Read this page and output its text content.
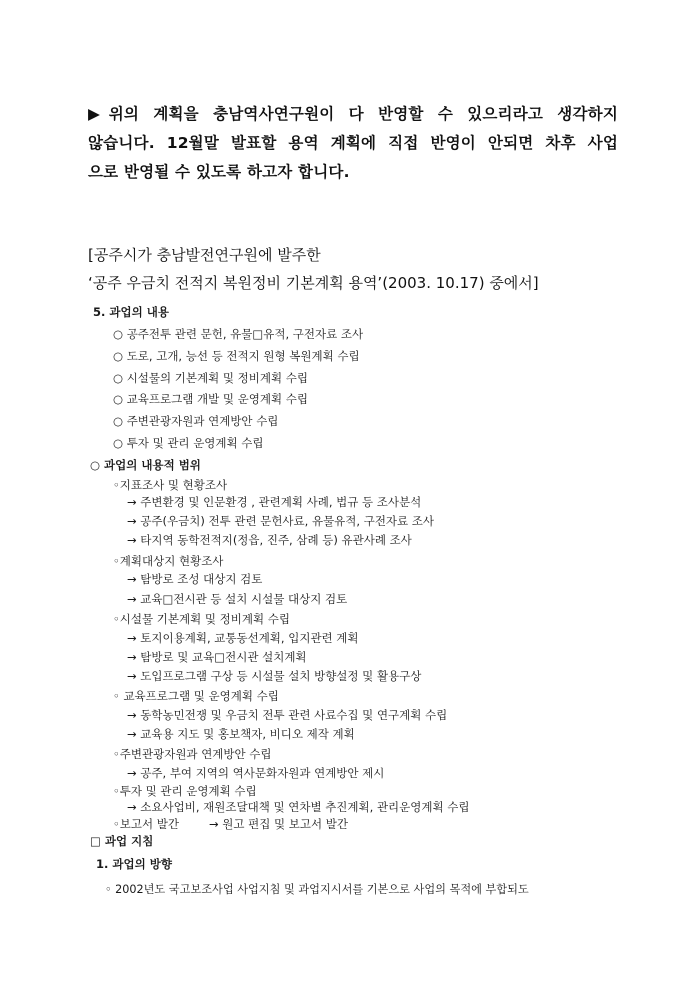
▶위의 계획을 충남역사연구원이 다 반영할 수 있으리라고 생각하지
않습니다. 12월말 발표할 용역 계획에 직접 반영이 안되면 차후 사업
으로 반영될 수 있도록 하고자 합니다.
[공주시가 충남발전연구원에 발주한
‘공주 우금치 전적지 복원정비 기본계획 용역’(2003. 10.17) 중에서]
5. 과업의 내용
○ 공주전투 관련 문헌, 유물□유적, 구전자료 조사
○ 도로, 고개, 능선 등 전적지 원형 복원계획 수립
○ 시설물의 기본계획 및 정비계획 수립
○ 교육프로그램 개발 및 운영계획 수립
○ 주변관광자원과 연계방안 수립
○ 투자 및 관리 운영계획 수립
○ 과업의 내용적 범위
◦지표조사 및 현황조사
→ 주변환경 및 인문환경 , 관련계획 사례, 법규 등 조사분석
→ 공주(우금치) 전투 관련 문헌사료, 유물유적, 구전자료 조사
→ 타지역 동학전적지(정읍, 진주, 삼례 등) 유관사례 조사
◦계획대상지 현황조사
→ 탐방로 조성 대상지 검토
→ 교육□전시관 등 설치 시설물 대상지 검토
◦시설물 기본계획 및 정비계획 수립
→ 토지이용계획, 교통동선계획, 입지관련 계획
→ 탐방로 및 교육□전시관 설치계획
→ 도입프로그램 구상 등 시설물 설치 방향설정 및 활용구상
◦ 교육프로그램 및 운영계획 수립
→ 동학농민전쟁 및 우금치 전투 관련 사료수집 및 연구계획 수립
→ 교육용 지도 및 홍보책자, 비디오 제작 계획
◦주변관광자원과 연계방안 수립
→ 공주, 부여 지역의 역사문화자원과 연계방안 제시
◦투자 및 관리 운영계획 수립
→ 소요사업비, 재원조달대책 및 연차별 추진계획, 관리운영계획 수립
◦보고서 발간	→ 원고 편집 및 보고서 발간
□ 과업 지침
1. 과업의 방향
◦ 2002년도 국고보조사업 사업지침 및 과업지시서를 기본으로 사업의 목적에 부합되도
